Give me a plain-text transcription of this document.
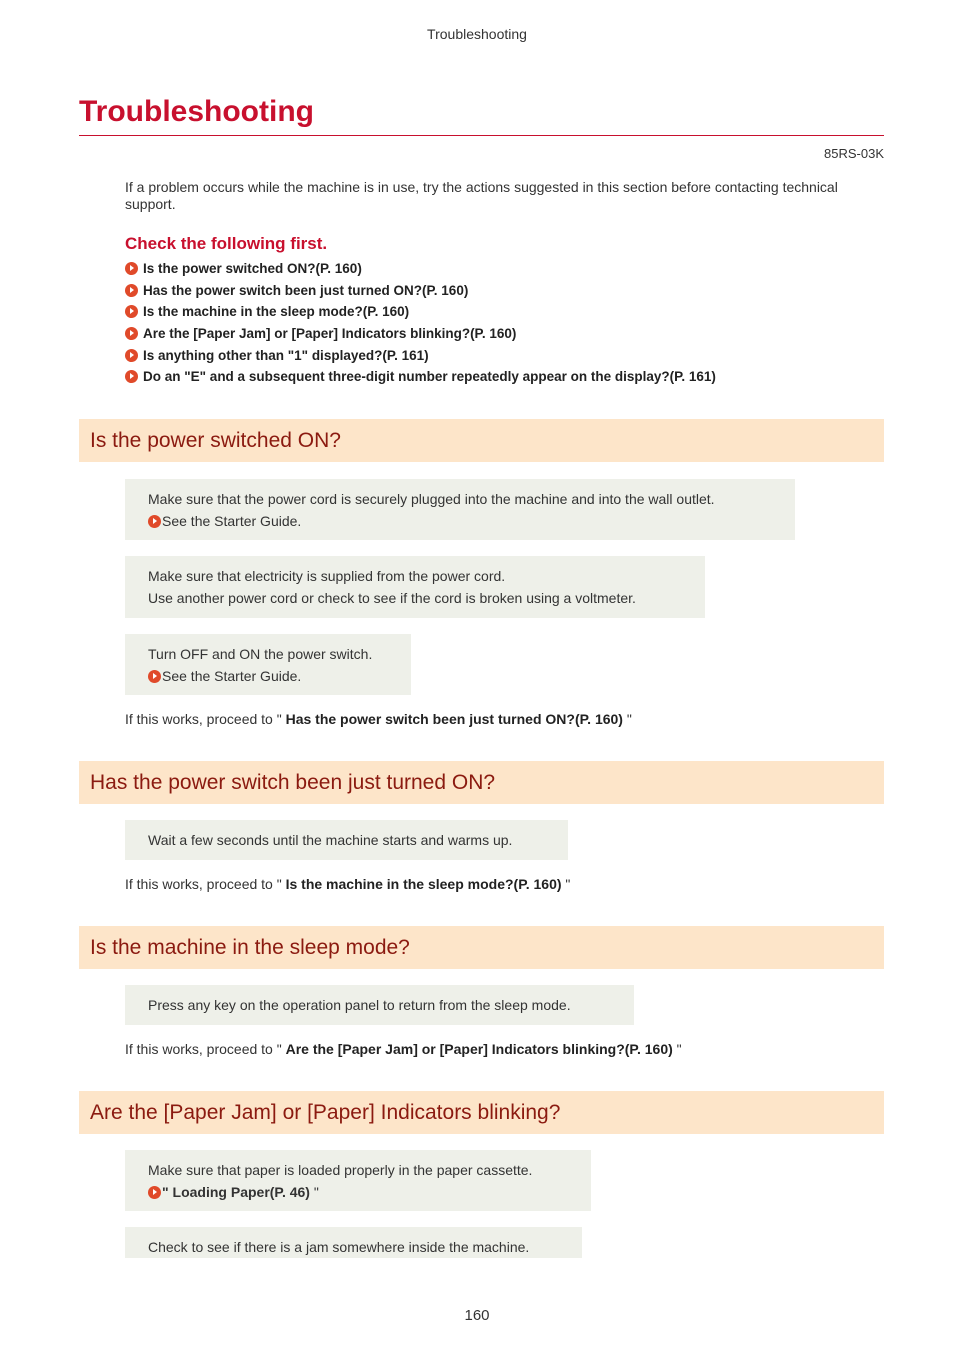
Troubleshooting
Troubleshooting
85RS-03K
If a problem occurs while the machine is in use, try the actions suggested in this section before contacting technical support.
Check the following first.
Is the power switched ON?(P. 160)
Has the power switch been just turned ON?(P. 160)
Is the machine in the sleep mode?(P. 160)
Are the [Paper Jam] or [Paper] Indicators blinking?(P. 160)
Is anything other than "1" displayed?(P. 161)
Do an "E" and a subsequent three-digit number repeatedly appear on the display?(P. 161)
Is the power switched ON?
Make sure that the power cord is securely plugged into the machine and into the wall outlet.
See the Starter Guide.
Make sure that electricity is supplied from the power cord.
Use another power cord or check to see if the cord is broken using a voltmeter.
Turn OFF and ON the power switch.
See the Starter Guide.
If this works, proceed to " Has the power switch been just turned ON?(P. 160) "
Has the power switch been just turned ON?
Wait a few seconds until the machine starts and warms up.
If this works, proceed to " Is the machine in the sleep mode?(P. 160) "
Is the machine in the sleep mode?
Press any key on the operation panel to return from the sleep mode.
If this works, proceed to " Are the [Paper Jam] or [Paper] Indicators blinking?(P. 160) "
Are the [Paper Jam] or [Paper] Indicators blinking?
Make sure that paper is loaded properly in the paper cassette.
" Loading Paper(P. 46) "
Check to see if there is a jam somewhere inside the machine.
160
